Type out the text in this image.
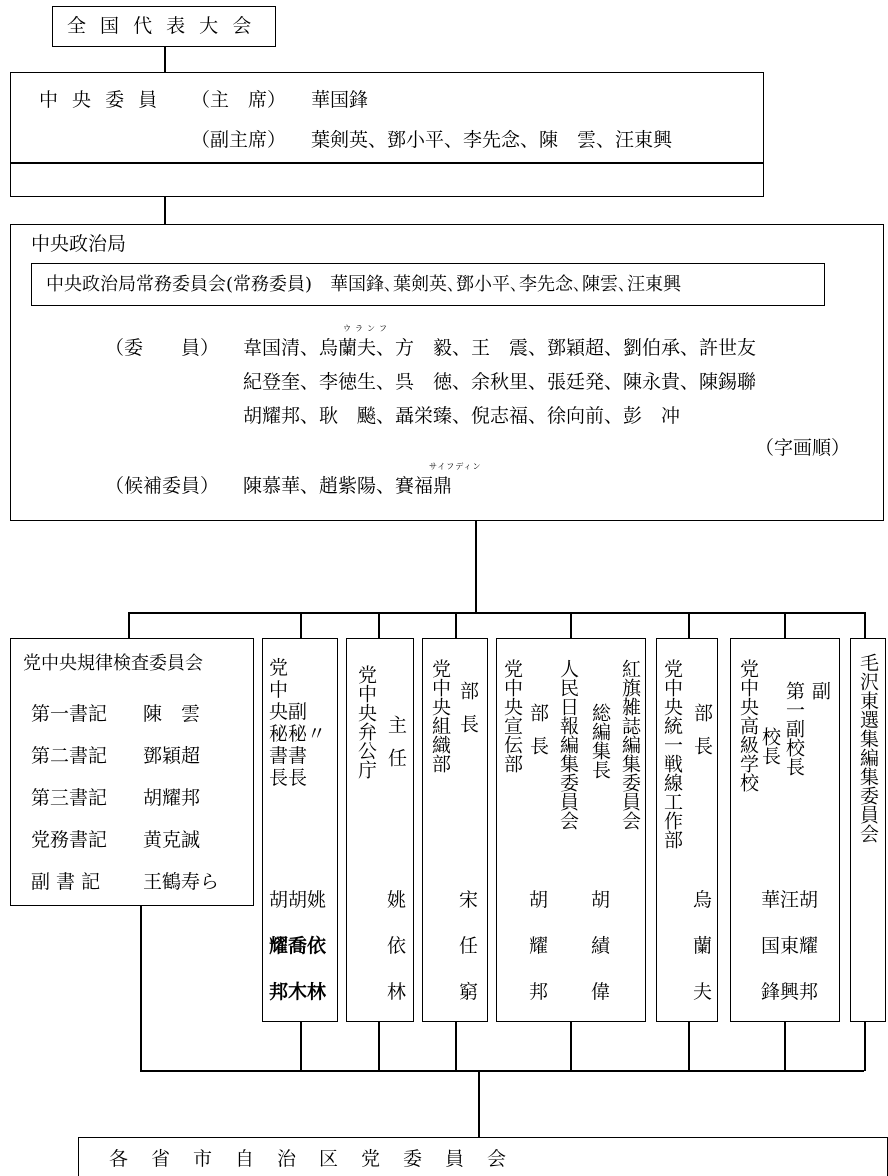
全 国 代 表 大 会
中 央 委 員 （主　席） 華国鋒
（副主席） 葉剣英、鄧小平、李先念、陳　雲、汪東興
中央政治局
中央政治局常務委員会(常務委員)　華国鋒､葉剣英､鄧小平､李先念､陳雲､汪東興
（委　　員）
ウランフ
韋国清、烏蘭夫、方　毅、王　震、鄧穎超、劉伯承、許世友
紀登奎、李徳生、呉　徳、余秋里、張廷発、陳永貴、陳錫聯
胡耀邦、耿　飈、聶栄臻、倪志福、徐向前、彭　冲
（字画順）
（候補委員）
サイフディン
陳慕華、趙紫陽、賽福鼎
党中央規律検査委員会
第一書記 陳　雲
第二書記 鄧穎超
第三書記 胡耀邦
党務書記 黄克誠
副 書 記 王鶴寿ら
党
中
央副
秘秘〃
書書
長長
胡胡姚
耀喬依
邦木林
党中央弁公庁 主任
姚
依
林
党中央組織部 部長
宋
任
窮
党中央宣伝部 部長 人民日報編集委員会 総編集長 紅旗雑誌編集委員会
胡
耀
邦
胡
績
偉
党中央統一戦線工作部 部長
烏
蘭
夫
党中央高級学校 校長 第一副校長 副
華汪胡
国東耀
鋒興邦
毛沢東選集編集委員会
各　省　市　自　治　区　党　委　員　会
